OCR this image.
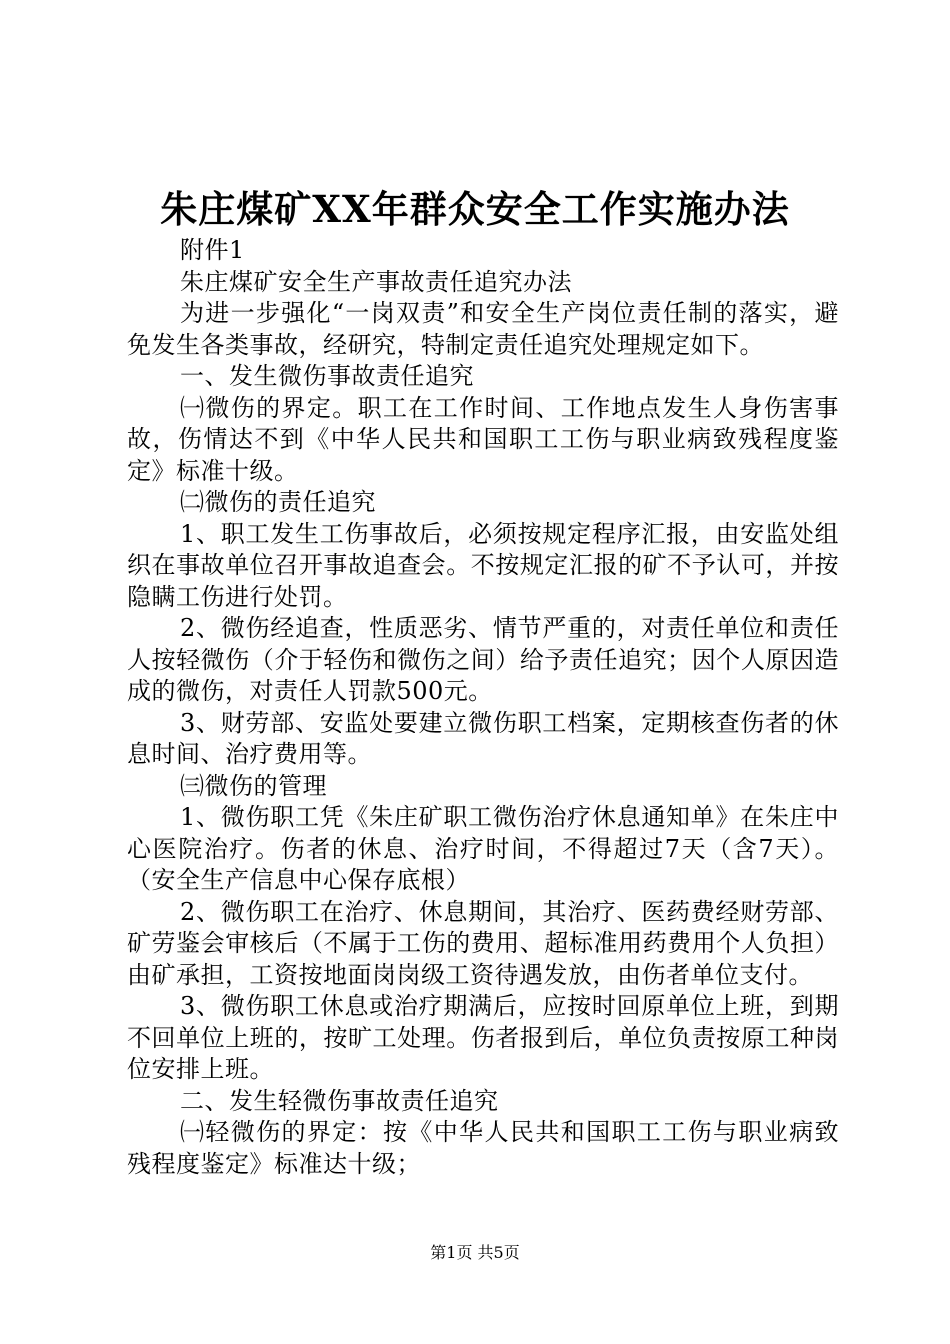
朱庄煤矿XX年群众安全工作实施办法

附件1

朱庄煤矿安全生产事故责任追究办法

为进一步强化“一岗双责”和安全生产岗位责任制的落实，避免发生各类事故，经研究，特制定责任追究处理规定如下。

一、发生微伤事故责任追究

㈠微伤的界定。职工在工作时间、工作地点发生人身伤害事故，伤情达不到《中华人民共和国职工工伤与职业病致残程度鉴定》标准十级。

㈡微伤的责任追究

1、职工发生工伤事故后，必须按规定程序汇报，由安监处组织在事故单位召开事故追查会。不按规定汇报的矿不予认可，并按隐瞒工伤进行处罚。

2、微伤经追查，性质恶劣、情节严重的，对责任单位和责任人按轻微伤（介于轻伤和微伤之间）给予责任追究；因个人原因造成的微伤，对责任人罚款500元。

3、财劳部、安监处要建立微伤职工档案，定期核查伤者的休息时间、治疗费用等。

㈢微伤的管理

1、微伤职工凭《朱庄矿职工微伤治疗休息通知单》在朱庄中心医院治疗。伤者的休息、治疗时间，不得超过7天（含7天）。（安全生产信息中心保存底根）

2、微伤职工在治疗、休息期间，其治疗、医药费经财劳部、矿劳鉴会审核后（不属于工伤的费用、超标准用药费用个人负担）由矿承担，工资按地面岗岗级工资待遇发放，由伤者单位支付。

3、微伤职工休息或治疗期满后，应按时回原单位上班，到期不回单位上班的，按旷工处理。伤者报到后，单位负责按原工种岗位安排上班。

二、发生轻微伤事故责任追究

㈠轻微伤的界定：按《中华人民共和国职工工伤与职业病致残程度鉴定》标准达十级；

第1页 共5页
